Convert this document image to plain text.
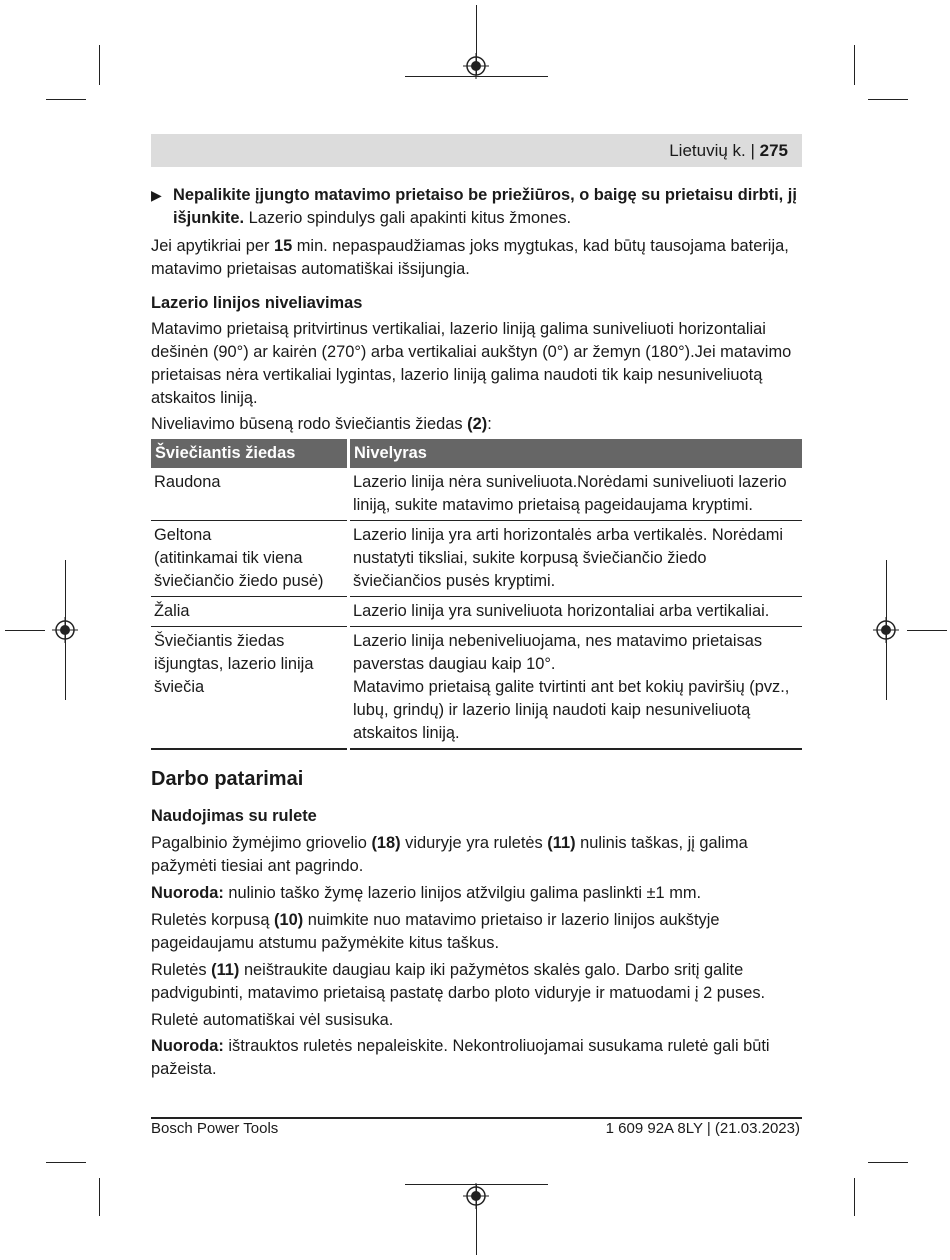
Lietuvių k. | 275
▶ Nepalikite įjungto matavimo prietaiso be priežiūros, o baigę su prietaisu dirbti, jį išjunkite. Lazerio spindulys gali apakinti kitus žmones.
Jei apytikriai per 15 min. nepaspaudžiamas joks mygtukas, kad būtų tausojama baterija, matavimo prietaisas automatiškai išsijungia.
Lazerio linijos niveliavimas
Matavimo prietaisą pritvirtinus vertikaliai, lazerio liniją galima suniveliuoti horizontaliai dešinėn (90°) ar kairėn (270°) arba vertikaliai aukštyn (0°) ar žemyn (180°).Jei matavimo prietaisas nėra vertikaliai lygintas, lazerio liniją galima naudoti tik kaip nesuniveliuotą atskaitos liniją.
Niveliavimo būseną rodo šviečiantis žiedas (2):
Šviečiantis žiedas	Nivelyras
Raudona	Lazerio linija nėra suniveliuota.Norėdami suniveliuoti lazerio liniją, sukite matavimo prietaisą pageidaujama kryptimi.
Geltona
(atitinkamai tik viena šviečiančio žiedo pusė)	Lazerio linija yra arti horizontalės arba vertikalės. Norėdami nustatyti tiksliai, sukite korpusą šviečiančio žiedo šviečiančios pusės kryptimi.
Žalia	Lazerio linija yra suniveliuota horizontaliai arba vertikaliai.
Šviečiantis žiedas išjungtas, lazerio linija šviečia	Lazerio linija nebeniveliuojama, nes matavimo prietaisas paverstas daugiau kaip 10°.
Matavimo prietaisą galite tvirtinti ant bet kokių paviršių (pvz., lubų, grindų) ir lazerio liniją naudoti kaip nesuniveliuotą atskaitos liniją.
Darbo patarimai
Naudojimas su rulete
Pagalbinio žymėjimo griovelio (18) viduryje yra ruletės (11) nulinis taškas, jį galima pažymėti tiesiai ant pagrindo.
Nuoroda: nulinio taško žymę lazerio linijos atžvilgiu galima paslinkti ±1 mm.
Ruletės korpusą (10) nuimkite nuo matavimo prietaiso ir lazerio linijos aukštyje pageidaujamu atstumu pažymėkite kitus taškus.
Ruletės (11) neištraukite daugiau kaip iki pažymėtos skalės galo. Darbo sritį galite padvigubinti, matavimo prietaisą pastatę darbo ploto viduryje ir matuodami į 2 puses.
Ruletė automatiškai vėl susisuka.
Nuoroda: ištrauktos ruletės nepaleiskite. Nekontroliuojamai susukama ruletė gali būti pažeista.
Bosch Power Tools	1 609 92A 8LY | (21.03.2023)
